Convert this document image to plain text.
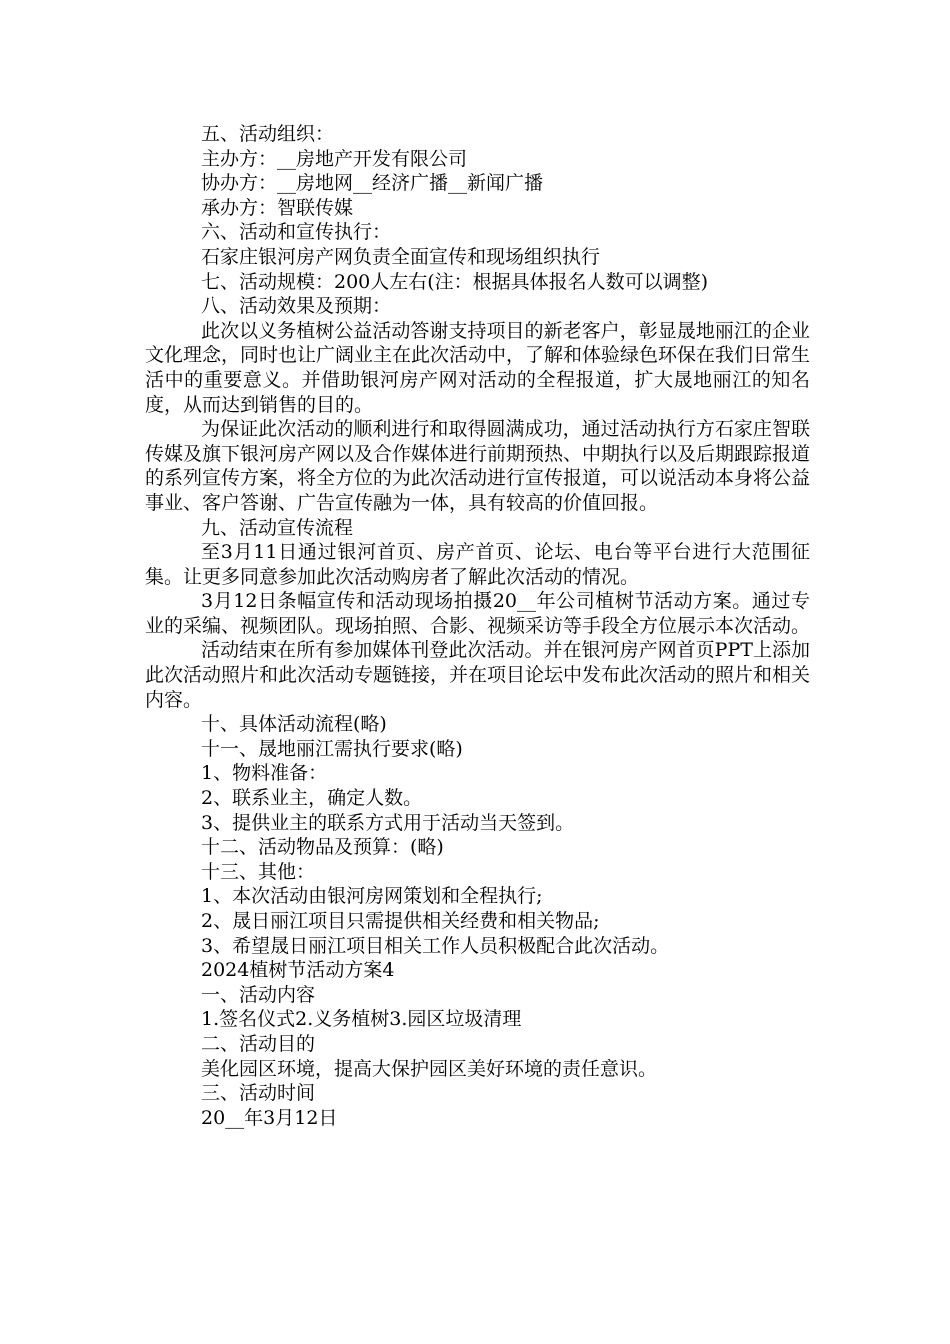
五、活动组织：
主办方：__房地产开发有限公司
协办方：__房地网__经济广播__新闻广播
承办方：智联传媒
六、活动和宣传执行：
石家庄银河房产网负责全面宣传和现场组织执行
七、活动规模：200人左右(注：根据具体报名人数可以调整)
八、活动效果及预期：

此次以义务植树公益活动答谢支持项目的新老客户，彰显晟地丽江的企业文化理念，同时也让广阔业主在此次活动中，了解和体验绿色环保在我们日常生活中的重要意义。并借助银河房产网对活动的全程报道，扩大晟地丽江的知名度，从而达到销售的目的。

为保证此次活动的顺利进行和取得圆满成功，通过活动执行方石家庄智联传媒及旗下银河房产网以及合作媒体进行前期预热、中期执行以及后期跟踪报道的系列宣传方案，将全方位的为此次活动进行宣传报道，可以说活动本身将公益事业、客户答谢、广告宣传融为一体，具有较高的价值回报。

九、活动宣传流程

至3月11日通过银河首页、房产首页、论坛、电台等平台进行大范围征集。让更多同意参加此次活动购房者了解此次活动的情况。

3月12日条幅宣传和活动现场拍摄20__年公司植树节活动方案。通过专业的采编、视频团队。现场拍照、合影、视频采访等手段全方位展示本次活动。

活动结束在所有参加媒体刊登此次活动。并在银河房产网首页PPT上添加此次活动照片和此次活动专题链接，并在项目论坛中发布此次活动的照片和相关内容。

十、具体活动流程(略)
十一、晟地丽江需执行要求(略)
1、物料准备：
2、联系业主，确定人数。
3、提供业主的联系方式用于活动当天签到。
十二、活动物品及预算：(略)
十三、其他：
1、本次活动由银河房网策划和全程执行;
2、晟日丽江项目只需提供相关经费和相关物品;
3、希望晟日丽江项目相关工作人员积极配合此次活动。
2024植树节活动方案4
一、活动内容
1.签名仪式2.义务植树3.园区垃圾清理
二、活动目的
美化园区环境，提高大保护园区美好环境的责任意识。
三、活动时间
20__年3月12日
